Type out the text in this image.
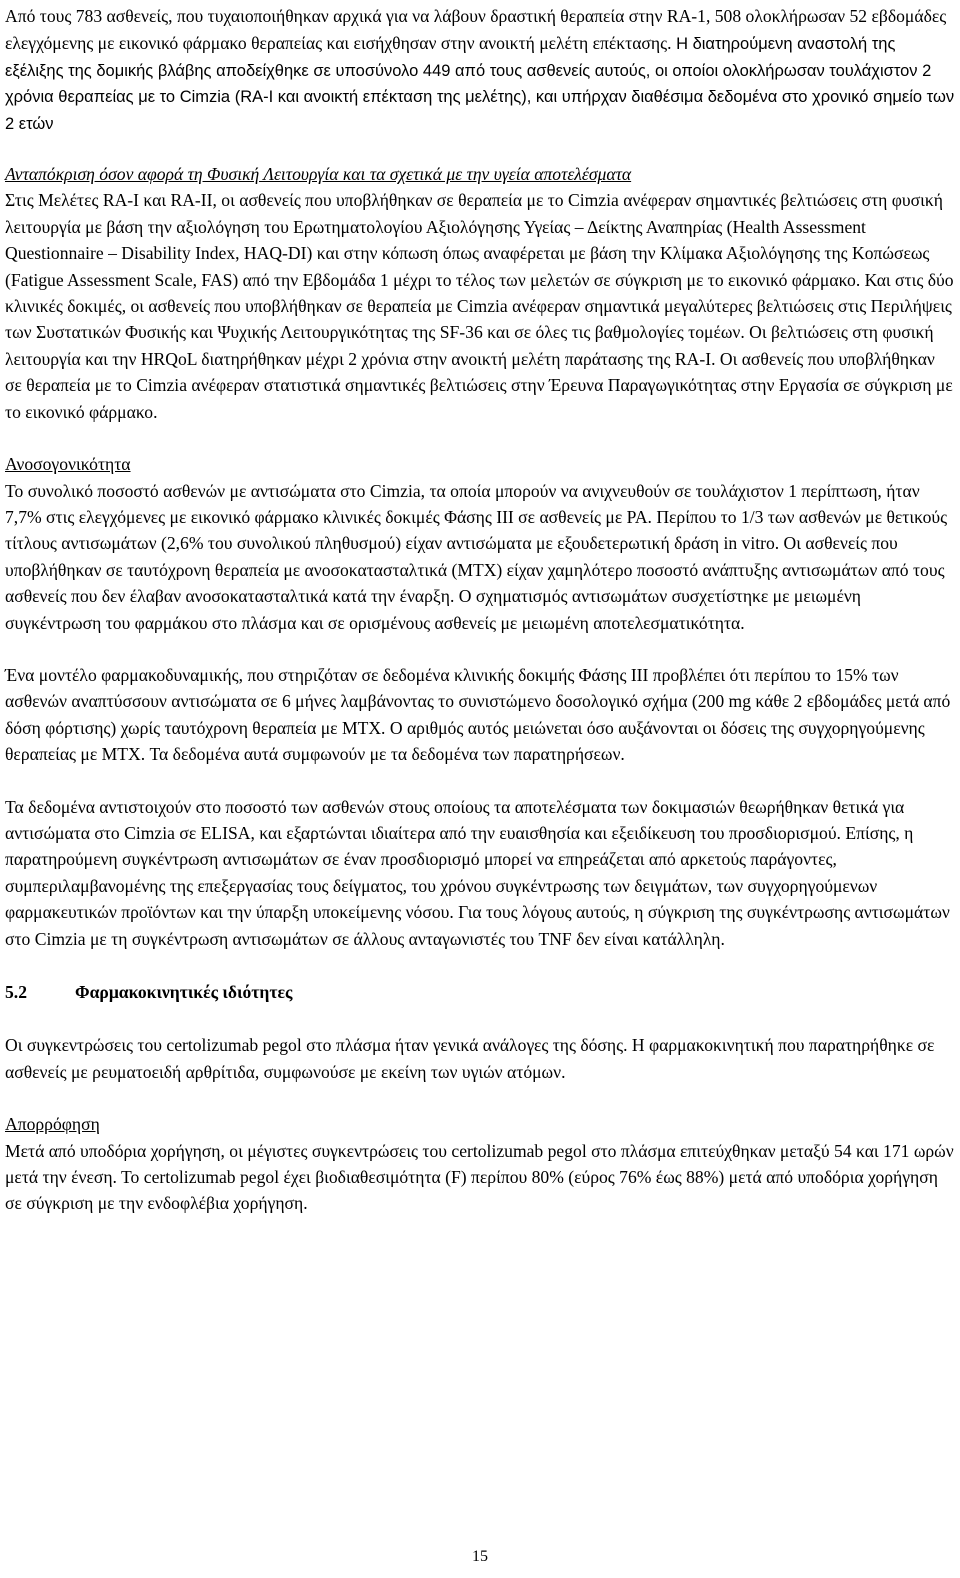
Από τους 783 ασθενείς, που τυχαιοποιήθηκαν αρχικά για να λάβουν δραστική θεραπεία στην RA-1, 508 ολοκλήρωσαν 52 εβδομάδες ελεγχόμενης με εικονικό φάρμακο θεραπείας και εισήχθησαν στην ανοικτή μελέτη επέκτασης. Η διατηρούμενη αναστολή της εξέλιξης της δομικής βλάβης αποδείχθηκε σε υποσύνολο 449 από τους ασθενείς αυτούς, οι οποίοι ολοκλήρωσαν τουλάχιστον 2 χρόνια θεραπείας με το Cimzia (RA-I και ανοικτή επέκταση της μελέτης), και υπήρχαν διαθέσιμα δεδομένα στο χρονικό σημείο των 2 ετών

Ανταπόκριση όσον αφορά τη Φυσική Λειτουργία και τα σχετικά με την υγεία αποτελέσματα

Στις Μελέτες RA-I και RA-II, οι ασθενείς που υποβλήθηκαν σε θεραπεία με το Cimzia ανέφεραν σημαντικές βελτιώσεις στη φυσική λειτουργία με βάση την αξιολόγηση του Ερωτηματολογίου Αξιολόγησης Υγείας – Δείκτης Αναπηρίας (Health Assessment Questionnaire – Disability Index, HAQ-DI) και στην κόπωση όπως αναφέρεται με βάση την Κλίμακα Αξιολόγησης της Κοπώσεως (Fatigue Assessment Scale, FAS) από την Εβδομάδα 1 μέχρι το τέλος των μελετών σε σύγκριση με το εικονικό φάρμακο. Και στις δύο κλινικές δοκιμές, οι ασθενείς που υποβλήθηκαν σε θεραπεία με Cimzia ανέφεραν σημαντικά μεγαλύτερες βελτιώσεις στις Περιλήψεις των Συστατικών Φυσικής και Ψυχικής Λειτουργικότητας της SF-36 και σε όλες τις βαθμολογίες τομέων. Οι βελτιώσεις στη φυσική λειτουργία και την HRQoL διατηρήθηκαν μέχρι 2 χρόνια στην ανοικτή μελέτη παράτασης της RA-I. Οι ασθενείς που υποβλήθηκαν σε θεραπεία με το Cimzia ανέφεραν στατιστικά σημαντικές βελτιώσεις στην Έρευνα Παραγωγικότητας στην Εργασία σε σύγκριση με το εικονικό φάρμακο.

Ανοσογονικότητα

Το συνολικό ποσοστό ασθενών με αντισώματα στο Cimzia, τα οποία μπορούν να ανιχνευθούν σε τουλάχιστον 1 περίπτωση, ήταν 7,7% στις ελεγχόμενες με εικονικό φάρμακο κλινικές δοκιμές Φάσης III σε ασθενείς με ΡΑ. Περίπου το 1/3 των ασθενών με θετικούς τίτλους αντισωμάτων (2,6% του συνολικού πληθυσμού) είχαν αντισώματα με εξουδετερωτική δράση in vitro. Οι ασθενείς που υποβλήθηκαν σε ταυτόχρονη θεραπεία με ανοσοκατασταλτικά (MTX) είχαν χαμηλότερο ποσοστό ανάπτυξης αντισωμάτων από τους ασθενείς που δεν έλαβαν ανοσοκατασταλτικά κατά την έναρξη. Ο σχηματισμός αντισωμάτων συσχετίστηκε με μειωμένη συγκέντρωση του φαρμάκου στο πλάσμα και σε ορισμένους ασθενείς με μειωμένη αποτελεσματικότητα.

Ένα μοντέλο φαρμακοδυναμικής, που στηριζόταν σε δεδομένα κλινικής δοκιμής Φάσης III προβλέπει ότι περίπου το 15% των ασθενών αναπτύσσουν αντισώματα σε 6 μήνες λαμβάνοντας το συνιστώμενο δοσολογικό σχήμα (200 mg κάθε 2 εβδομάδες μετά από δόση φόρτισης) χωρίς ταυτόχρονη θεραπεία με MTX. Ο αριθμός αυτός μειώνεται όσο αυξάνονται οι δόσεις της συγχορηγούμενης θεραπείας με MTX. Τα δεδομένα αυτά συμφωνούν με τα δεδομένα των παρατηρήσεων.

Τα δεδομένα αντιστοιχούν στο ποσοστό των ασθενών στους οποίους τα αποτελέσματα των δοκιμασιών θεωρήθηκαν θετικά για αντισώματα στο Cimzia σε ELISA, και εξαρτώνται ιδιαίτερα από την ευαισθησία και εξειδίκευση του προσδιορισμού. Επίσης, η παρατηρούμενη συγκέντρωση αντισωμάτων σε έναν προσδιορισμό μπορεί να επηρεάζεται από αρκετούς παράγοντες, συμπεριλαμβανομένης της επεξεργασίας τους δείγματος, του χρόνου συγκέντρωσης των δειγμάτων, των συγχορηγούμενων φαρμακευτικών προϊόντων και την ύπαρξη υποκείμενης νόσου. Για τους λόγους αυτούς, η σύγκριση της συγκέντρωσης αντισωμάτων στο Cimzia με τη συγκέντρωση αντισωμάτων σε άλλους ανταγωνιστές του TNF δεν είναι κατάλληλη.

5.2	Φαρμακοκινητικές ιδιότητες

Οι συγκεντρώσεις του certolizumab pegol στο πλάσμα ήταν γενικά ανάλογες της δόσης. Η φαρμακοκινητική που παρατηρήθηκε σε ασθενείς με ρευματοειδή αρθρίτιδα, συμφωνούσε με εκείνη των υγιών ατόμων.

Απορρόφηση

Μετά από υποδόρια χορήγηση, οι μέγιστες συγκεντρώσεις του certolizumab pegol στο πλάσμα επιτεύχθηκαν μεταξύ 54 και 171 ωρών μετά την ένεση. Το certolizumab pegol έχει βιοδιαθεσιμότητα (F) περίπου 80% (εύρος 76% έως 88%) μετά από υποδόρια χορήγηση σε σύγκριση με την ενδοφλέβια χορήγηση.

15
